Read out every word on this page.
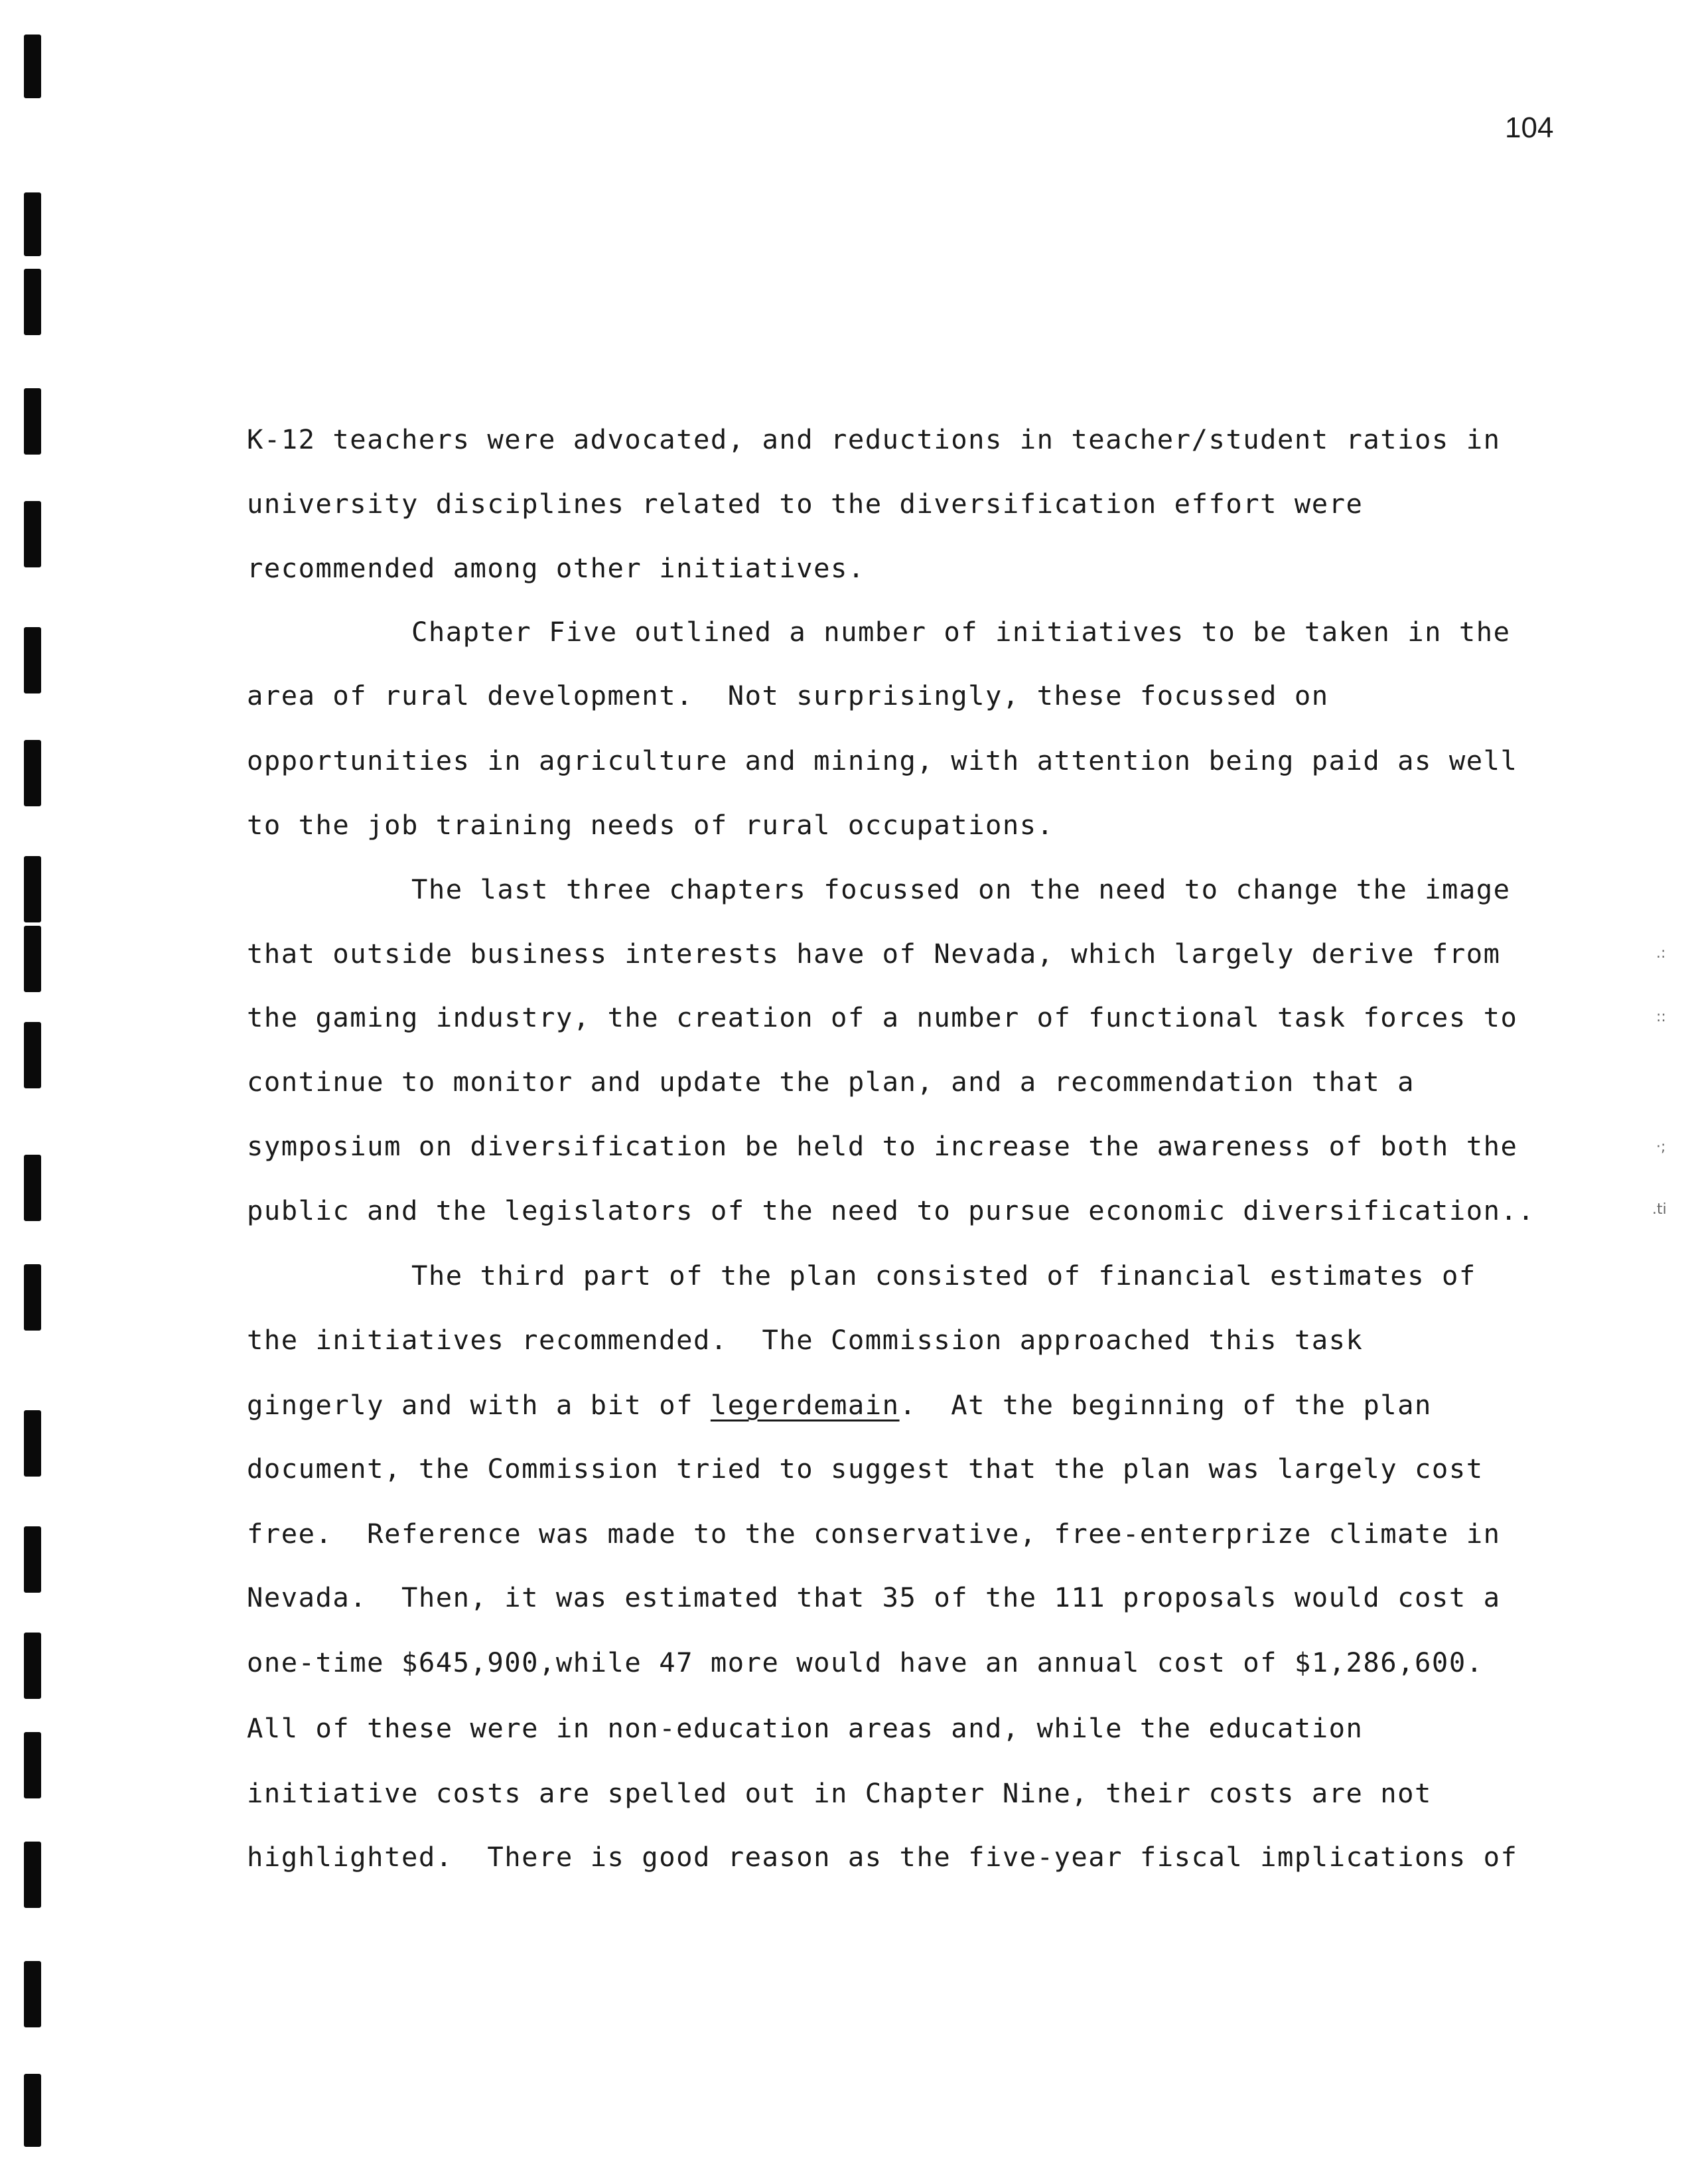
104
K-12 teachers were advocated, and reductions in teacher/student ratios in
university disciplines related to the diversification effort were
recommended among other initiatives.
Chapter Five outlined a number of initiatives to be taken in the
area of rural development.  Not surprisingly, these focussed on
opportunities in agriculture and mining, with attention being paid as well
to the job training needs of rural occupations.
The last three chapters focussed on the need to change the image
that outside business interests have of Nevada, which largely derive from
the gaming industry, the creation of a number of functional task forces to
continue to monitor and update the plan, and a recommendation that a
symposium on diversification be held to increase the awareness of both the
public and the legislators of the need to pursue economic diversification..
The third part of the plan consisted of financial estimates of
the initiatives recommended.  The Commission approached this task
gingerly and with a bit of legerdemain.  At the beginning of the plan
document, the Commission tried to suggest that the plan was largely cost
free.  Reference was made to the conservative, free-enterprize climate in
Nevada.  Then, it was estimated that 35 of the 111 proposals would cost a
one-time $645,900,while 47 more would have an annual cost of $1,286,600.
All of these were in non-education areas and, while the education
initiative costs are spelled out in Chapter Nine, their costs are not
highlighted.  There is good reason as the five-year fiscal implications of
.:
::
·;
.ti
